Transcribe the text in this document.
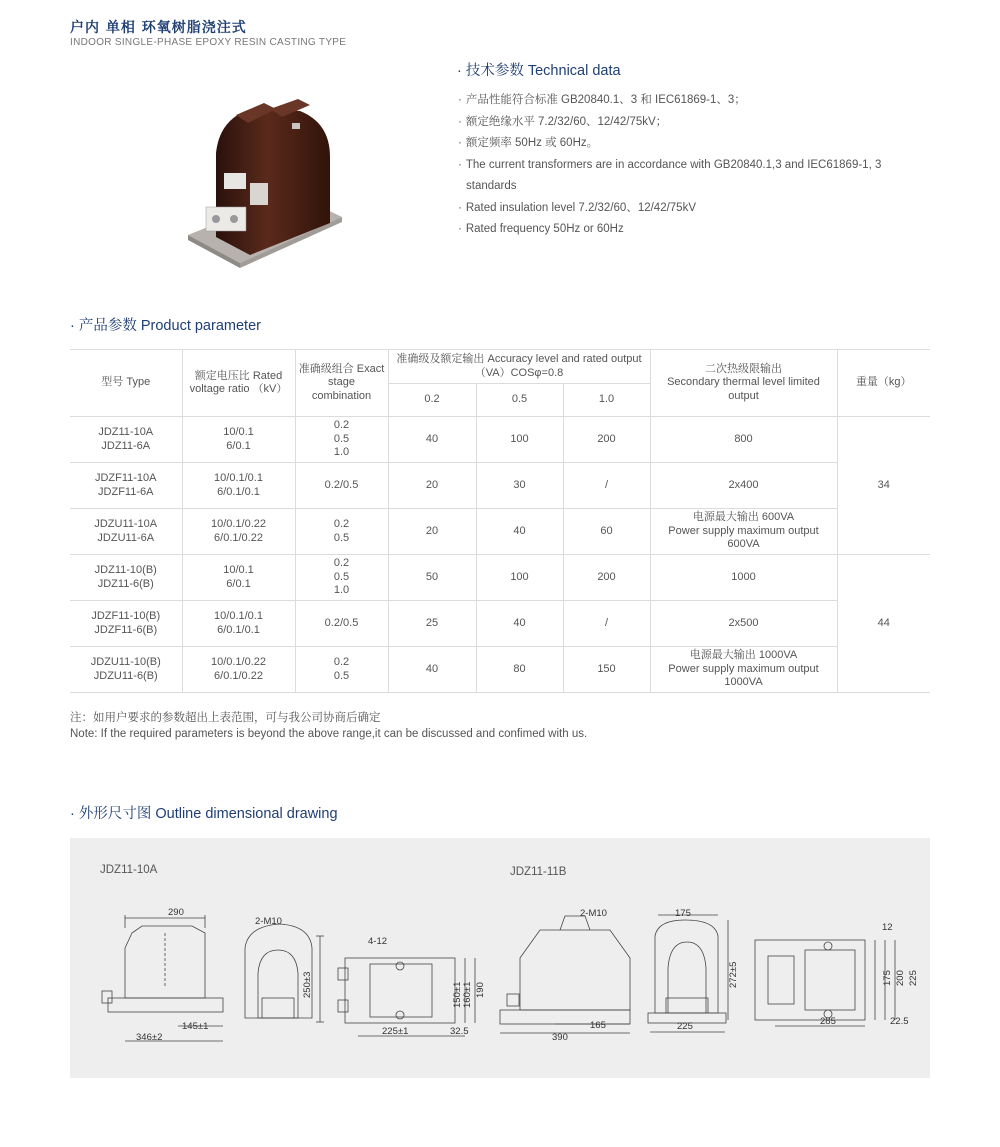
户内 单相 环氧树脂浇注式
INDOOR SINGLE-PHASE EPOXY RESIN CASTING TYPE
· 技术参数 Technical data
· 产品性能符合标准 GB20840.1、3 和 IEC61869-1、3；
· 额定绝缘水平 7.2/32/60、12/42/75kV；
· 额定频率 50Hz 或 60Hz。
· The current transformers are in accordance with GB20840.1,3 and IEC61869-1, 3
standards
· Rated insulation level 7.2/32/60、12/42/75kV
· Rated frequency 50Hz or 60Hz
· 产品参数 Product parameter
型号 Type	额定电压比 Rated voltage ratio （kV）	准确级组合 Exact stage combination	准确级及额定输出 Accuracy level and rated output
（VA）COSφ=0.8			二次热级限输出
Secondary thermal level limited
output	重量（kg）
			0.2	0.5	1.0		
JDZ11-10A
JDZ11-6A	10/0.1
6/0.1	0.2
0.5
1.0	40	100	200	800	34
JDZF11-10A
JDZF11-6A	10/0.1/0.1
6/0.1/0.1	0.2/0.5	20	30	/	2x400	
JDZU11-10A
JDZU11-6A	10/0.1/0.22
6/0.1/0.22	0.2
0.5	20	40	60	电源最大输出 600VA
Power supply maximum output
600VA	
JDZ11-10(B)
JDZ11-6(B)	10/0.1
6/0.1	0.2
0.5
1.0	50	100	200	1000	44
JDZF11-10(B)
JDZF11-6(B)	10/0.1/0.1
6/0.1/0.1	0.2/0.5	25	40	/	2x500	
JDZU11-10(B)
JDZU11-6(B)	10/0.1/0.22
6/0.1/0.22	0.2
0.5	40	80	150	电源最大输出 1000VA
Power supply maximum output
1000VA	
注：如用户要求的参数超出上表范围，可与我公司协商后确定
Note: If the required parameters is beyond the above range,it can be discussed and confimed with us.
· 外形尺寸图 Outline dimensional drawing
JDZ11-10A	JDZ11-11B
290
2-M10
250±3
4-12
145±1
346±2
225±1	32.5
150±1 160±1 190
2-M10	175
272±5
165
390
225
12
175 200 225
285	22.5
